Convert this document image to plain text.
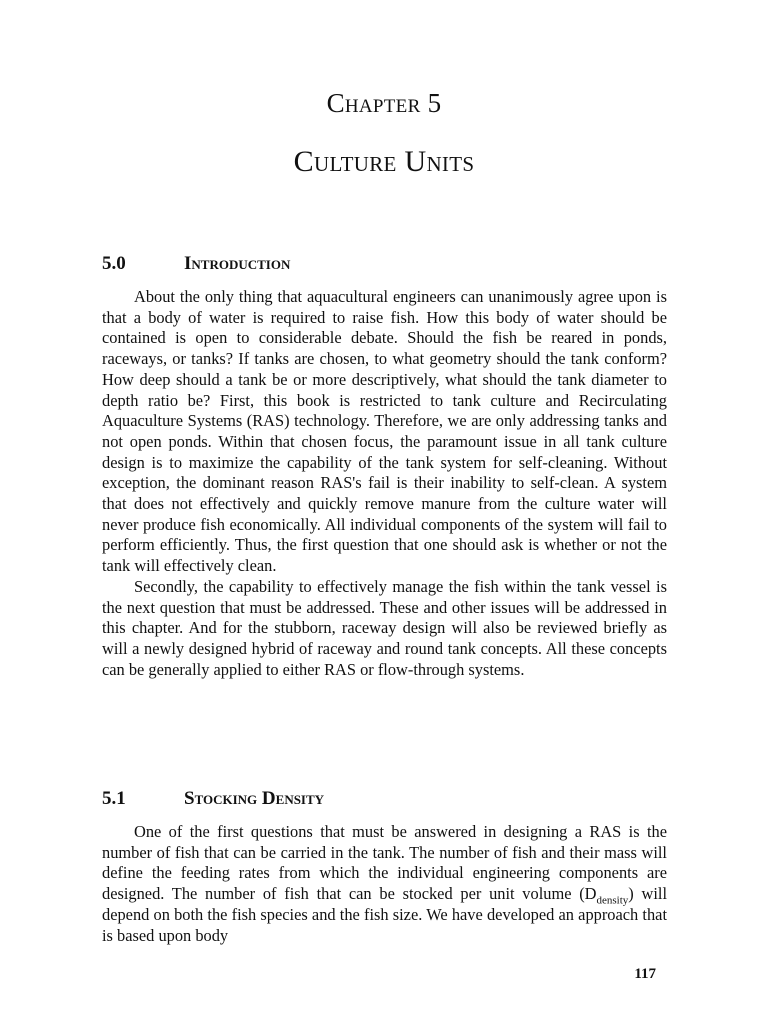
Chapter 5
Culture Units
5.0	Introduction

About the only thing that aquacultural engineers can unanimously agree upon is that a body of water is required to raise fish. How this body of water should be contained is open to considerable debate. Should the fish be reared in ponds, raceways, or tanks? If tanks are chosen, to what geometry should the tank conform? How deep should a tank be or more descriptively, what should the tank diameter to depth ratio be? First, this book is restricted to tank culture and Recirculating Aquaculture Systems (RAS) technology. Therefore, we are only addressing tanks and not open ponds. Within that chosen focus, the paramount issue in all tank culture design is to maximize the capability of the tank system for self-cleaning. Without exception, the dominant reason RAS's fail is their inability to self-clean. A system that does not effectively and quickly remove manure from the culture water will never produce fish economically. All individual components of the system will fail to perform efficiently. Thus, the first question that one should ask is whether or not the tank will effectively clean.

Secondly, the capability to effectively manage the fish within the tank vessel is the next question that must be addressed. These and other issues will be addressed in this chapter. And for the stubborn, raceway design will also be reviewed briefly as will a newly designed hybrid of raceway and round tank concepts. All these concepts can be generally applied to either RAS or flow-through systems.

5.1	Stocking Density

One of the first questions that must be answered in designing a RAS is the number of fish that can be carried in the tank. The number of fish and their mass will define the feeding rates from which the individual engineering components are designed. The number of fish that can be stocked per unit volume $(D_{density})$ will depend on both the fish species and the fish size. We have developed an approach that is based upon body

117
